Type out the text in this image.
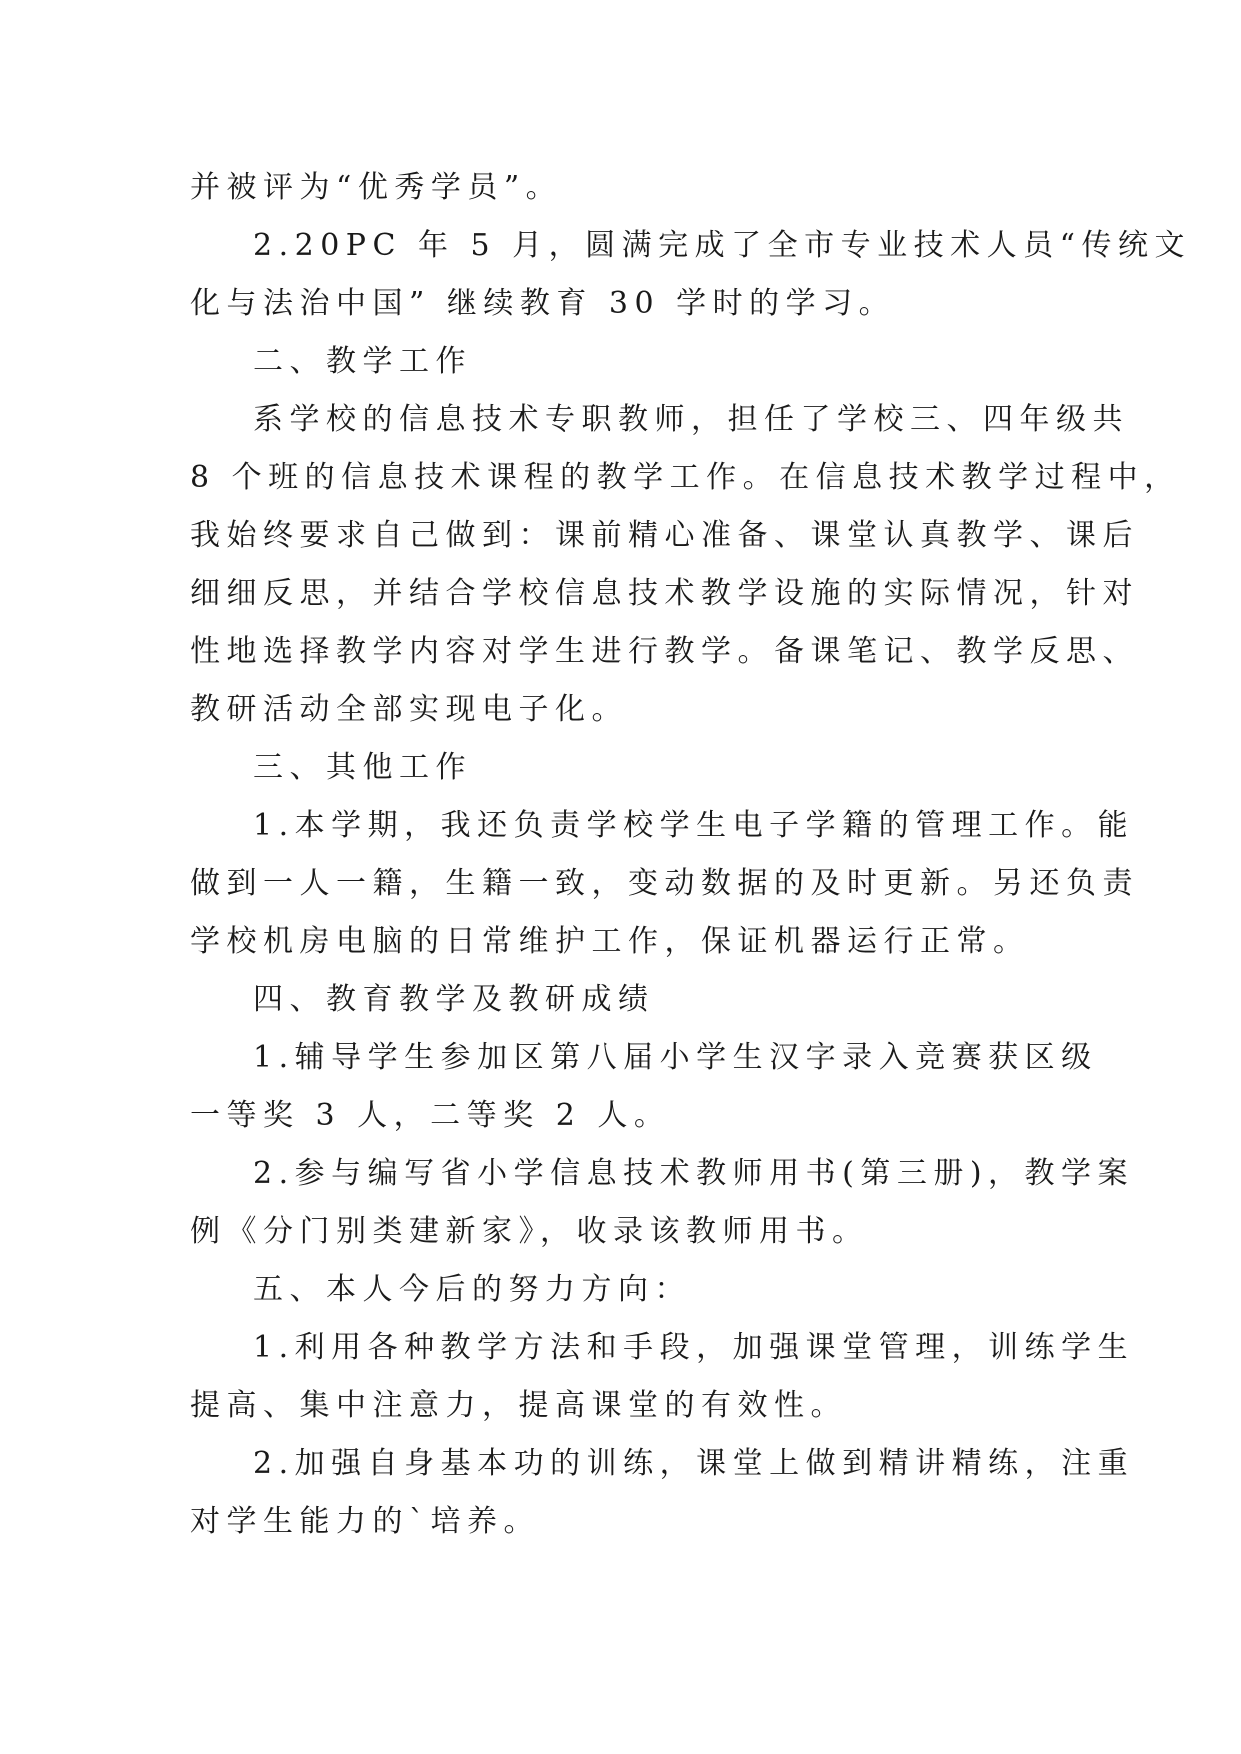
并被评为“优秀学员”。
2.20PC 年 5 月，圆满完成了全市专业技术人员“传统文
化与法治中国” 继续教育 30 学时的学习。
二、教学工作
系学校的信息技术专职教师，担任了学校三、四年级共
8 个班的信息技术课程的教学工作。在信息技术教学过程中，
我始终要求自己做到：课前精心准备、课堂认真教学、课后
细细反思，并结合学校信息技术教学设施的实际情况，针对
性地选择教学内容对学生进行教学。备课笔记、教学反思、
教研活动全部实现电子化。
三、其他工作
1.本学期，我还负责学校学生电子学籍的管理工作。能
做到一人一籍，生籍一致，变动数据的及时更新。另还负责
学校机房电脑的日常维护工作，保证机器运行正常。
四、教育教学及教研成绩
1.辅导学生参加区第八届小学生汉字录入竞赛获区级
一等奖 3 人，二等奖 2 人。
2.参与编写省小学信息技术教师用书(第三册)，教学案
例《分门别类建新家》，收录该教师用书。
五、本人今后的努力方向：
1.利用各种教学方法和手段，加强课堂管理，训练学生
提高、集中注意力，提高课堂的有效性。
2.加强自身基本功的训练，课堂上做到精讲精练，注重
对学生能力的`培养。
